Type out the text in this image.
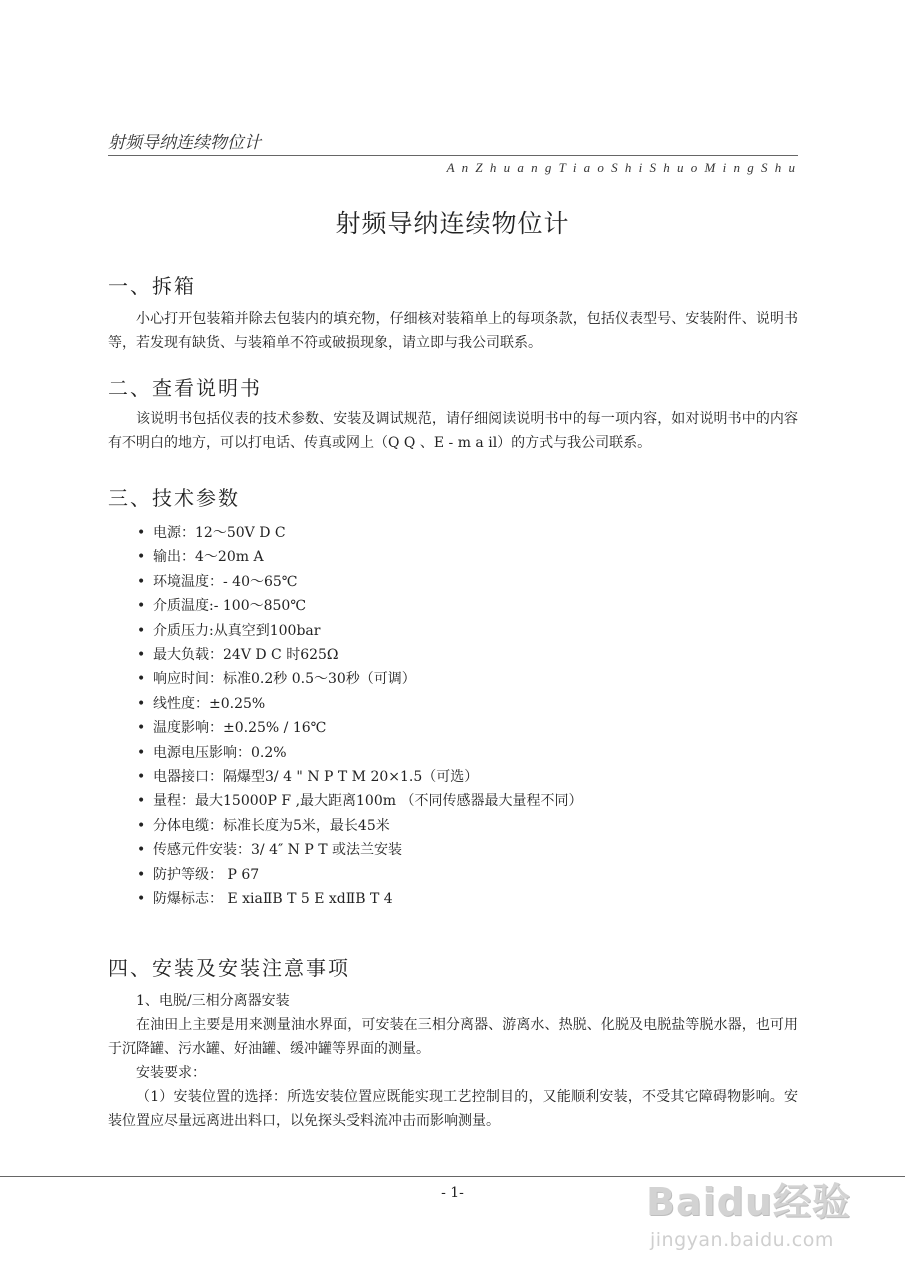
射频导纳连续物位计
A n Z h u a n g T i a o S h i S h u o M i n g S h u
射频导纳连续物位计
一、拆箱

小心打开包装箱并除去包装内的填充物，仔细核对装箱单上的每项条款，包括仪表型号、安装附件、说明书等，若发现有缺货、与装箱单不符或破损现象，请立即与我公司联系。

二、查看说明书

该说明书包括仪表的技术参数、安装及调试规范，请仔细阅读说明书中的每一项内容，如对说明书中的内容有不明白的地方，可以打电话、传真或网上（Q Q 、E - m a il）的方式与我公司联系。

三、技术参数
• 电源：12～50V D C
• 输出：4～20m A
• 环境温度：- 40～65℃
• 介质温度:- 100～850℃
• 介质压力:从真空到100bar
• 最大负载：24V D C 时625Ω
• 响应时间：标准0.2秒 0.5～30秒（可调）
• 线性度：±0.25%
• 温度影响：±0.25% / 16℃
• 电源电压影响：0.2%
• 电器接口：隔爆型3/ 4 " N P T M 20×1.5（可选）
• 量程：最大15000P F ,最大距离100m （不同传感器最大量程不同）
• 分体电缆：标准长度为5米，最长45米
• 传感元件安装：3/ 4″ N P T 或法兰安装
• 防护等级： P 67
• 防爆标志： E xiaⅡB T 5 E xdⅡB T 4
四、安装及安装注意事项

1、电脱/三相分离器安装

在油田上主要是用来测量油水界面，可安装在三相分离器、游离水、热脱、化脱及电脱盐等脱水器，也可用于沉降罐、污水罐、好油罐、缓冲罐等界面的测量。

安装要求：

（1）安装位置的选择：所选安装位置应既能实现工艺控制目的，又能顺利安装，不受其它障碍物影响。安装位置应尽量远离进出料口，以免探头受料流冲击而影响测量。

- 1-	Baidu经验
jingyan.baidu.com
